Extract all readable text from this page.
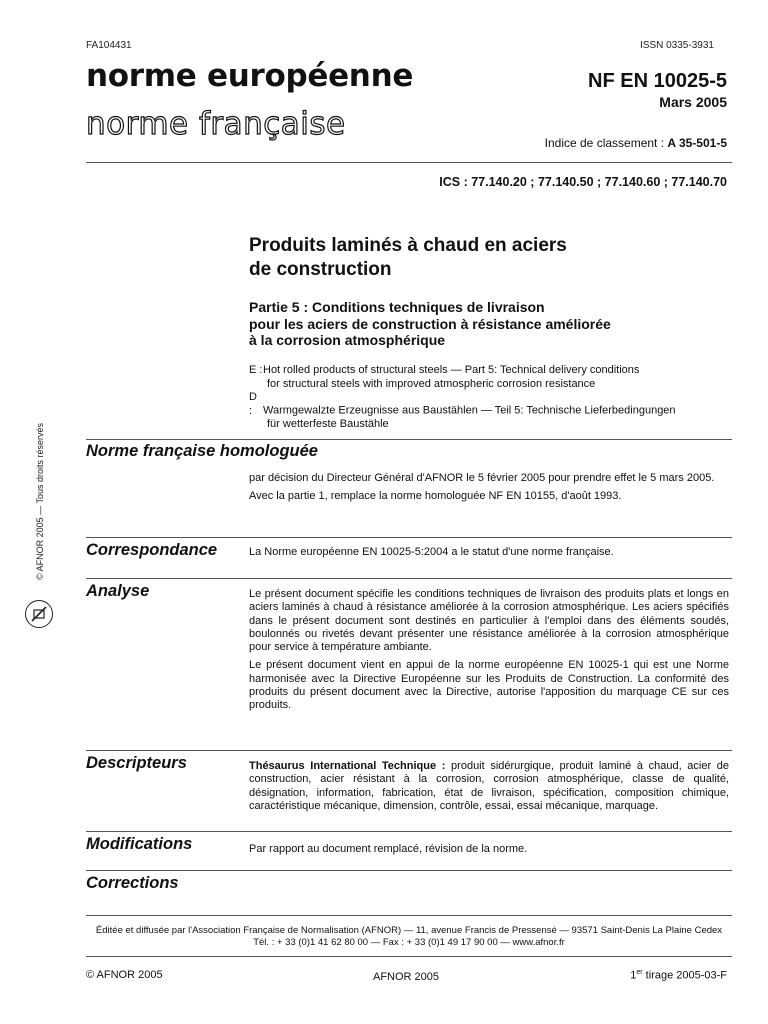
FA104431	ISSN 0335-3931
norme européenne
norme française
NF EN 10025-5
Mars 2005
Indice de classement : A 35-501-5
ICS : 77.140.20 ; 77.140.50 ; 77.140.60 ; 77.140.70
Produits laminés à chaud en aciers
de construction
Partie 5 : Conditions techniques de livraison
pour les aciers de construction à résistance améliorée
à la corrosion atmosphérique
E :Hot rolled products of structural steels — Part 5: Technical delivery conditions
for structural steels with improved atmospheric corrosion resistance
D : Warmgewalzte Erzeugnisse aus Baustählen — Teil 5: Technische Lieferbedingungen
für wetterfeste Baustähle
© AFNOR 2005 — Tous droits réservés Norme française homologuée

par décision du Directeur Général d'AFNOR le 5 février 2005 pour prendre effet le 5 mars 2005.

Avec la partie 1, remplace la norme homologuée NF EN 10155, d'août 1993.

Correspondance	La Norme européenne EN 10025-5:2004 a le statut d'une norme française.

Analyse	Le présent document spécifie les conditions techniques de livraison des produits plats et longs en aciers laminés à chaud à résistance améliorée à la corrosion atmosphérique. Les aciers spécifiés dans le présent document sont destinés en particulier à l'emploi dans des éléments soudés, boulonnés ou rivetés devant présenter une résistance améliorée à la corrosion atmosphérique pour service à température ambiante.

Le présent document vient en appui de la norme européenne EN 10025-1 qui est une Norme harmonisée avec la Directive Européenne sur les Produits de Construction. La conformité des produits du présent document avec la Directive, autorise l'apposition du marquage CE sur ces produits.

Descripteurs	Thésaurus International Technique : produit sidérurgique, produit laminé à chaud, acier de construction, acier résistant à la corrosion, corrosion atmosphérique, classe de qualité, désignation, information, fabrication, état de livraison, spécification, composition chimique, caractéristique mécanique, dimension, contrôle, essai, essai mécanique, marquage.

Modifications	Par rapport au document remplacé, révision de la norme.

Corrections
Éditée et diffusée par l'Association Française de Normalisation (AFNOR) — 11, avenue Francis de Pressensé — 93571 Saint-Denis La Plaine Cedex
Tél. : + 33 (0)1 41 62 80 00 — Fax : + 33 (0)1 49 17 90 00 — www.afnor.fr
© AFNOR 2005	AFNOR 2005	1er tirage 2005-03-F
